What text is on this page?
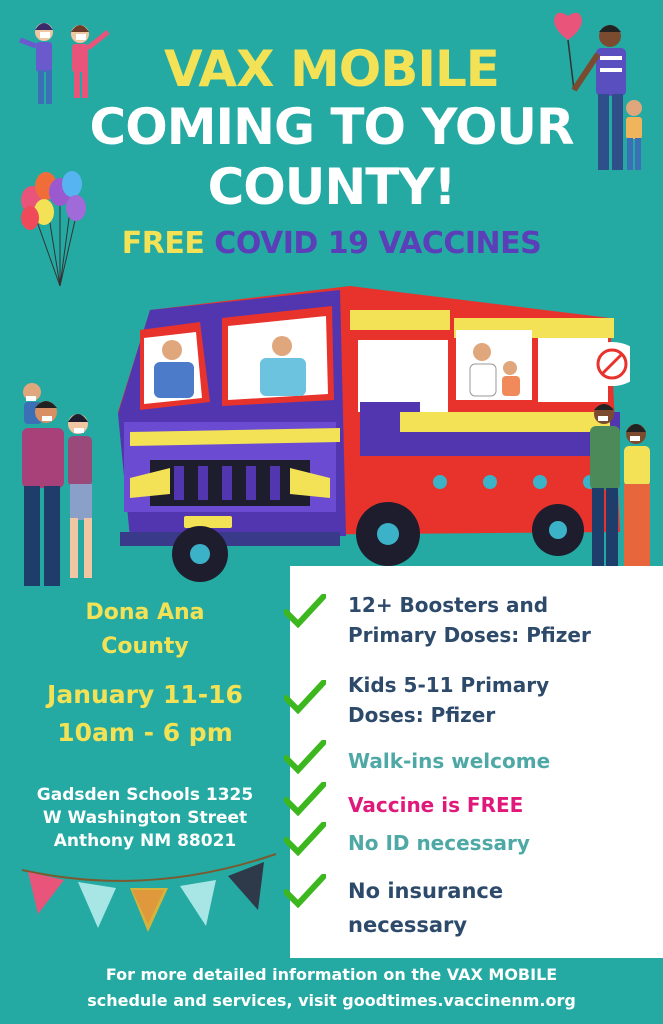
VAX MOBILE
COMING TO YOUR
COUNTY!
FREE COVID 19 VACCINES
Dona Ana
County
January 11-16
10am - 6 pm
Gadsden Schools 1325
W Washington Street
Anthony NM 88021
12+ Boosters and
Primary Doses: Pfizer
Kids 5-11 Primary
Doses: Pfizer
Walk-ins welcome
Vaccine is FREE
No ID necessary
No insurance
necessary
For more detailed information on the VAX MOBILE
schedule and services, visit goodtimes.vaccinenm.org
